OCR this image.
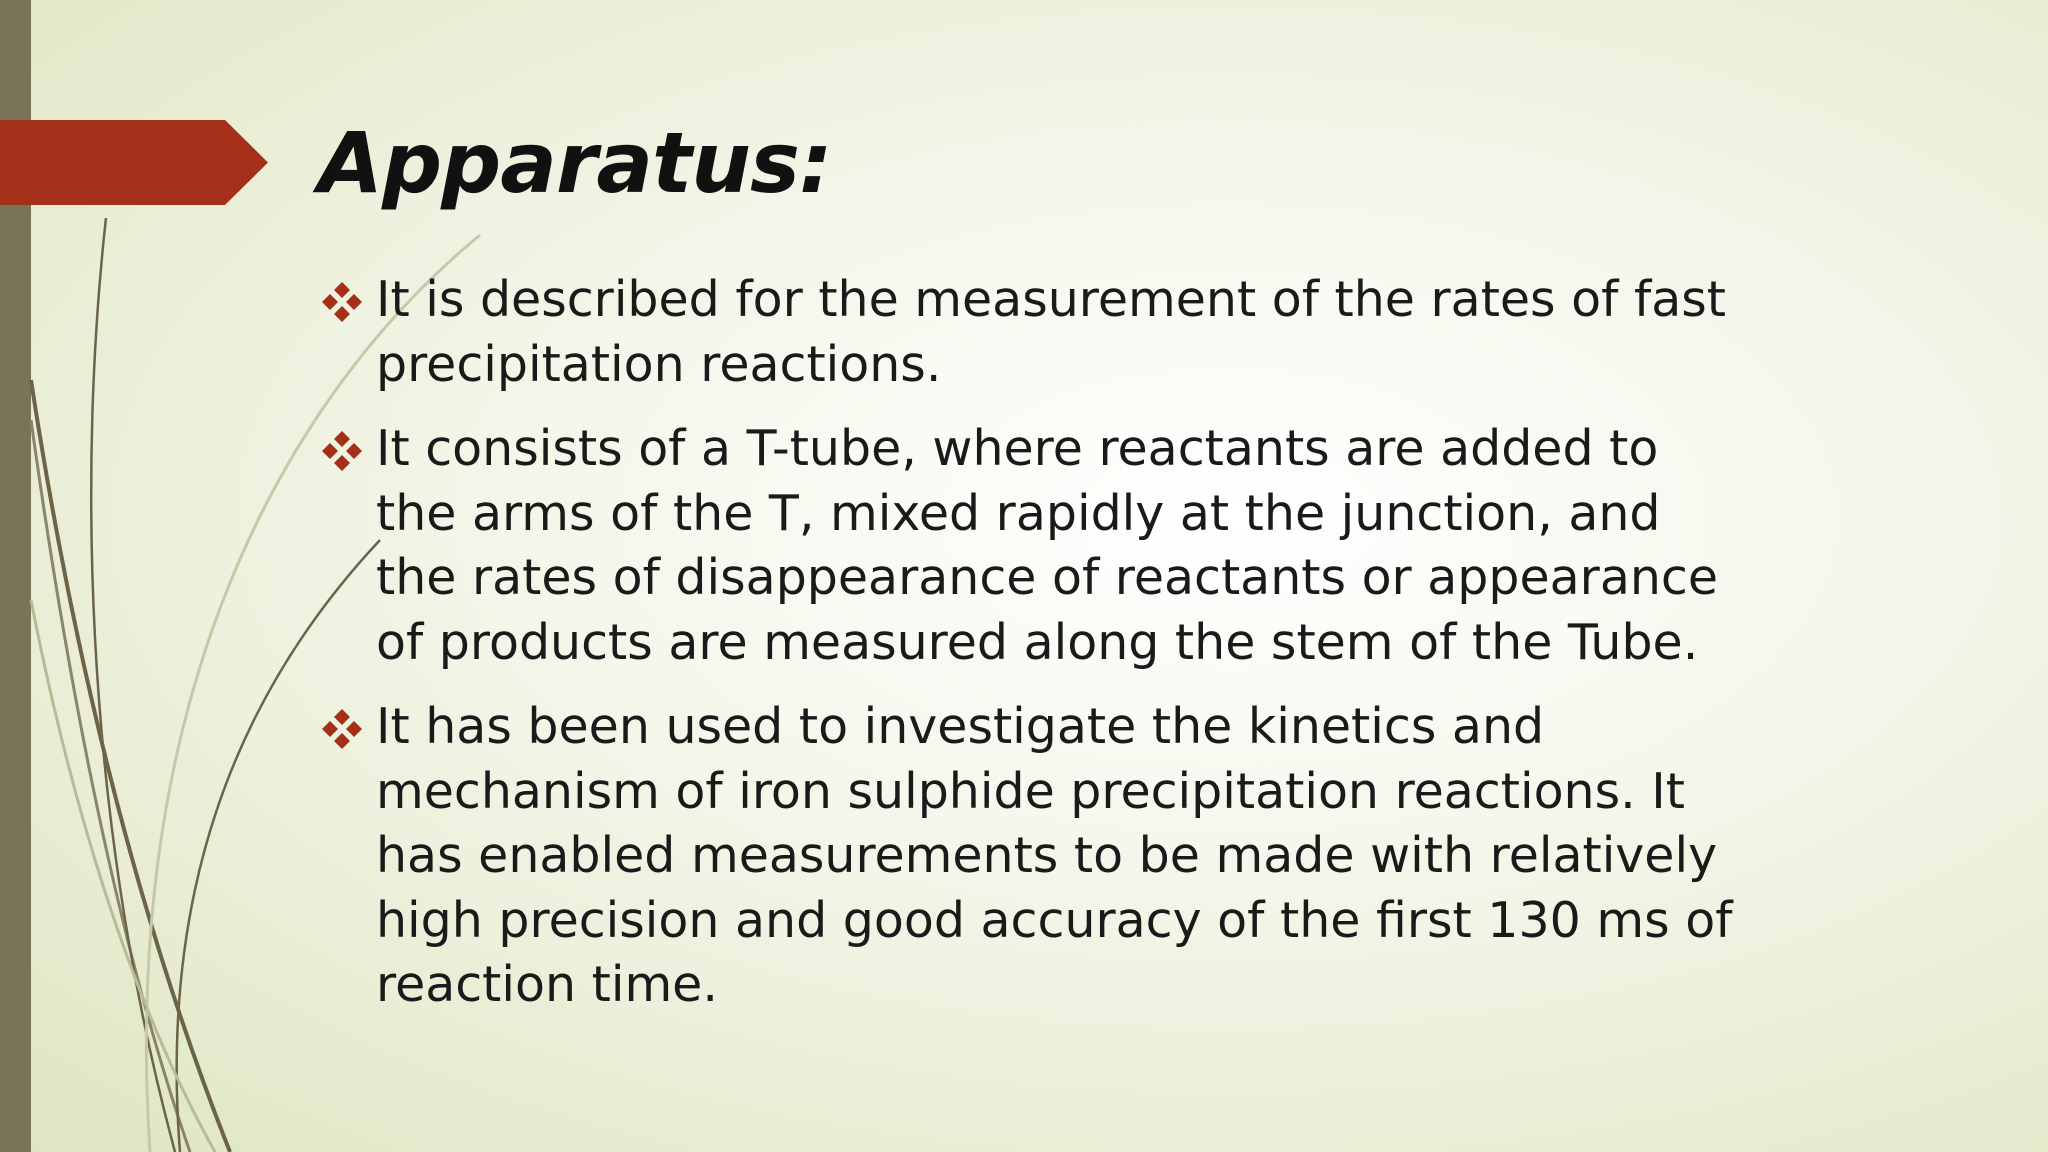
Apparatus:
It is described for the measurement of the rates of fast precipitation reactions.
It consists of a T-tube, where reactants are added to the arms of the T, mixed rapidly at the junction, and the rates of disappearance of reactants or appearance of products are measured along the stem of the Tube.
It has been used to investigate the kinetics and mechanism of iron sulphide precipitation reactions. It has enabled measurements to be made with relatively high precision and good accuracy of the first 130 ms of reaction time.
